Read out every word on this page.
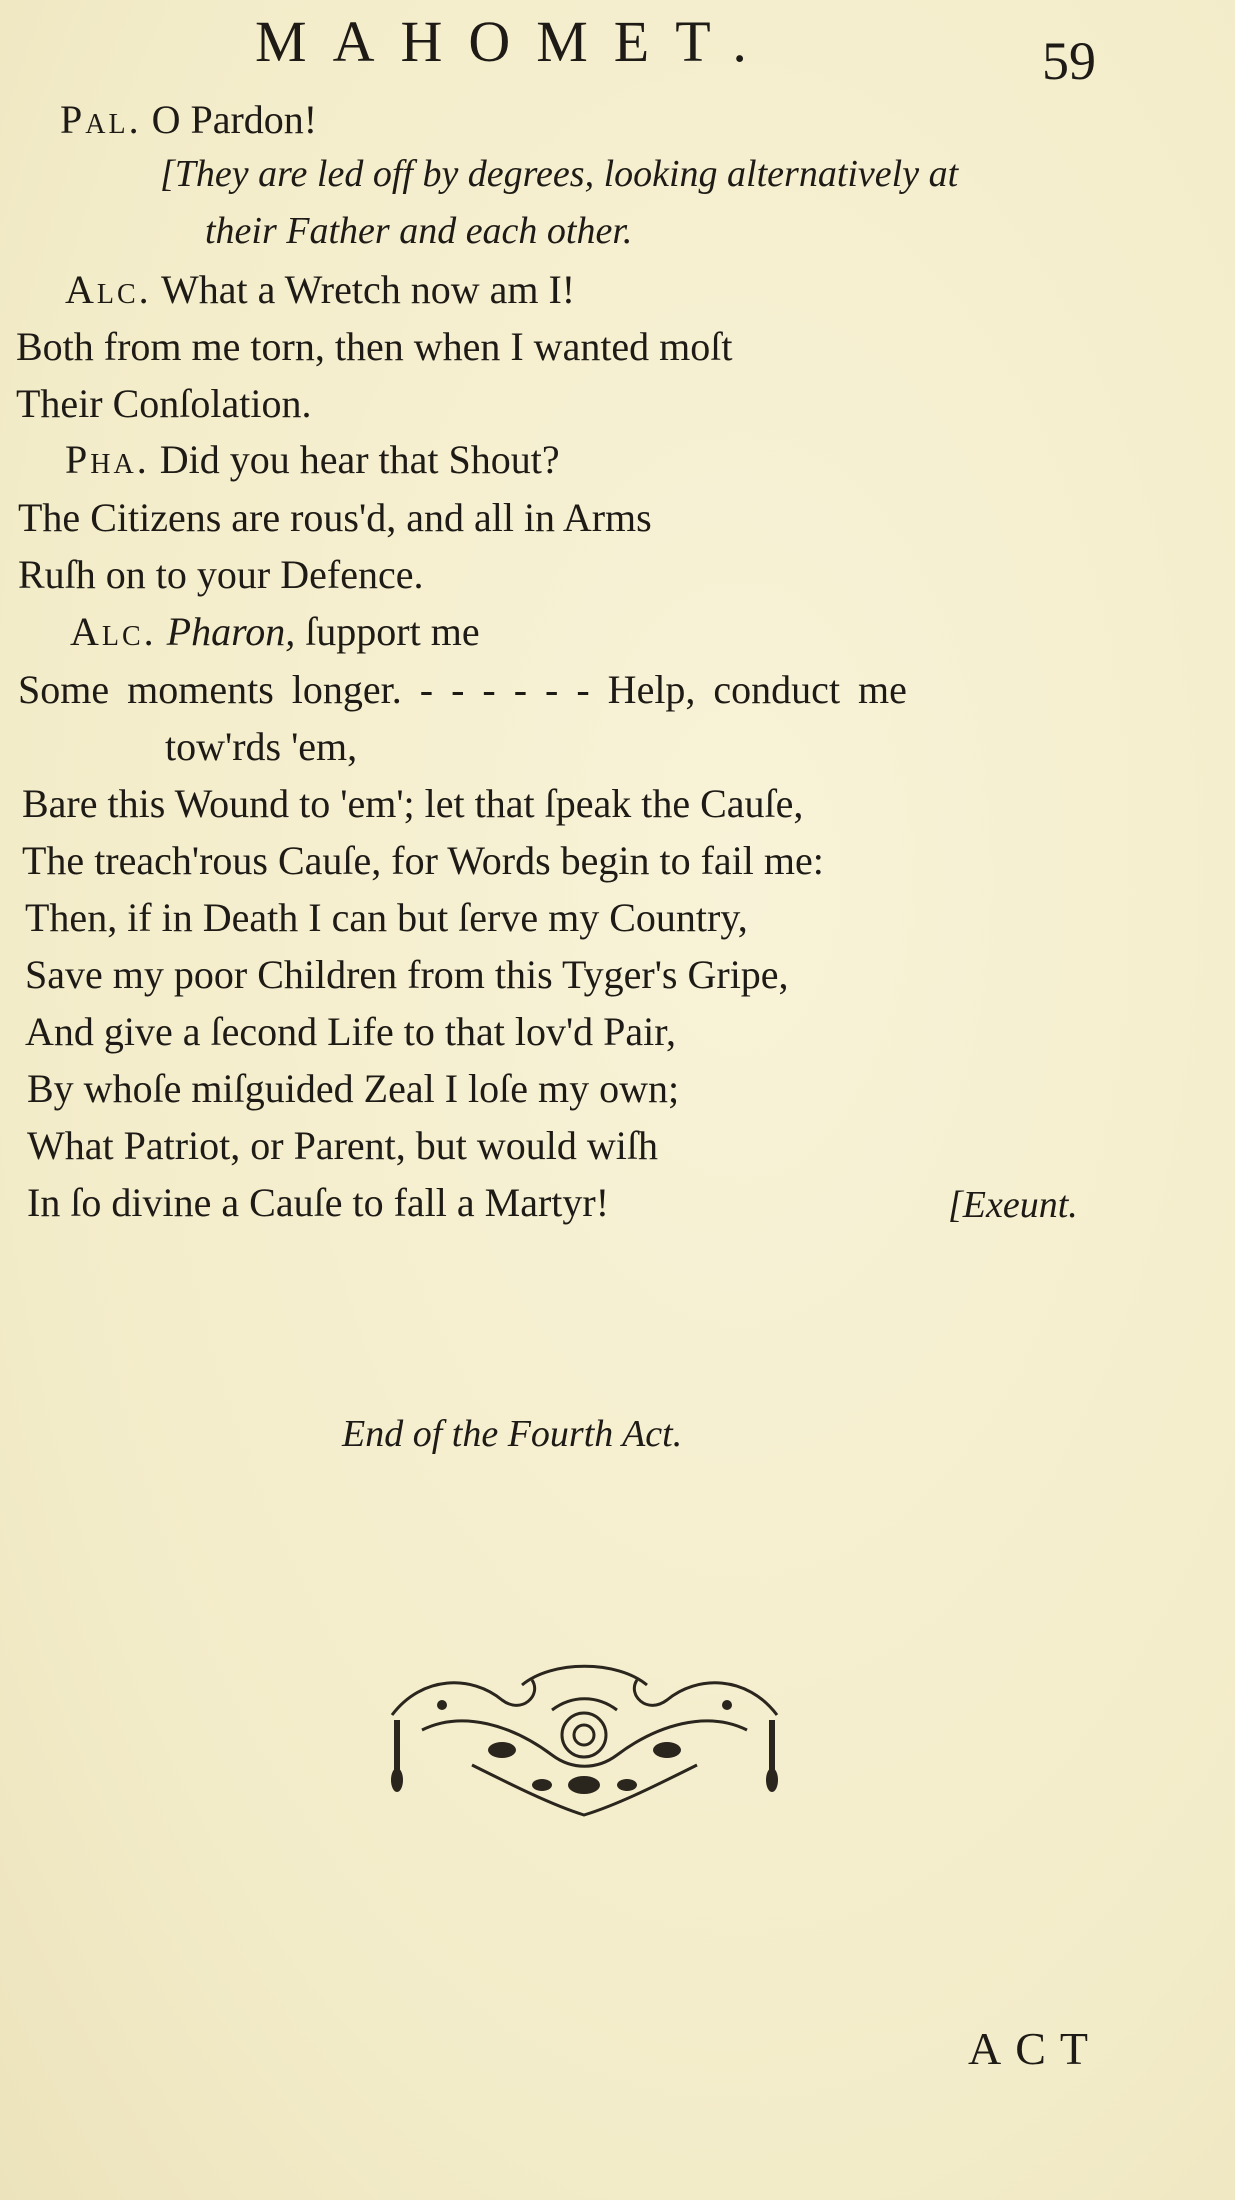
MAHOMET.	59
Pal. O Pardon!
[They are led off by degrees, looking alternatively at
their Father and each other.
Alc. What a Wretch now am I!
Both from me torn, then when I wanted moſt
Their Conſolation.
Pha. Did you hear that Shout?
The Citizens are rous'd, and all in Arms
Ruſh on to your Defence.
Alc. Pharon, ſupport me
Some moments longer. - - - - - - Help, conduct me
tow'rds 'em,
Bare this Wound to 'em'; let that ſpeak the Cauſe,
The treach'rous Cauſe, for Words begin to fail me:
Then, if in Death I can but ſerve my Country,
Save my poor Children from this Tyger's Gripe,
And give a ſecond Life to that lov'd Pair,
By whoſe miſguided Zeal I loſe my own;
What Patriot, or Parent, but would wiſh
In ſo divine a Cauſe to fall a Martyr!	[Exeunt.
End of the Fourth Act.
ACT
